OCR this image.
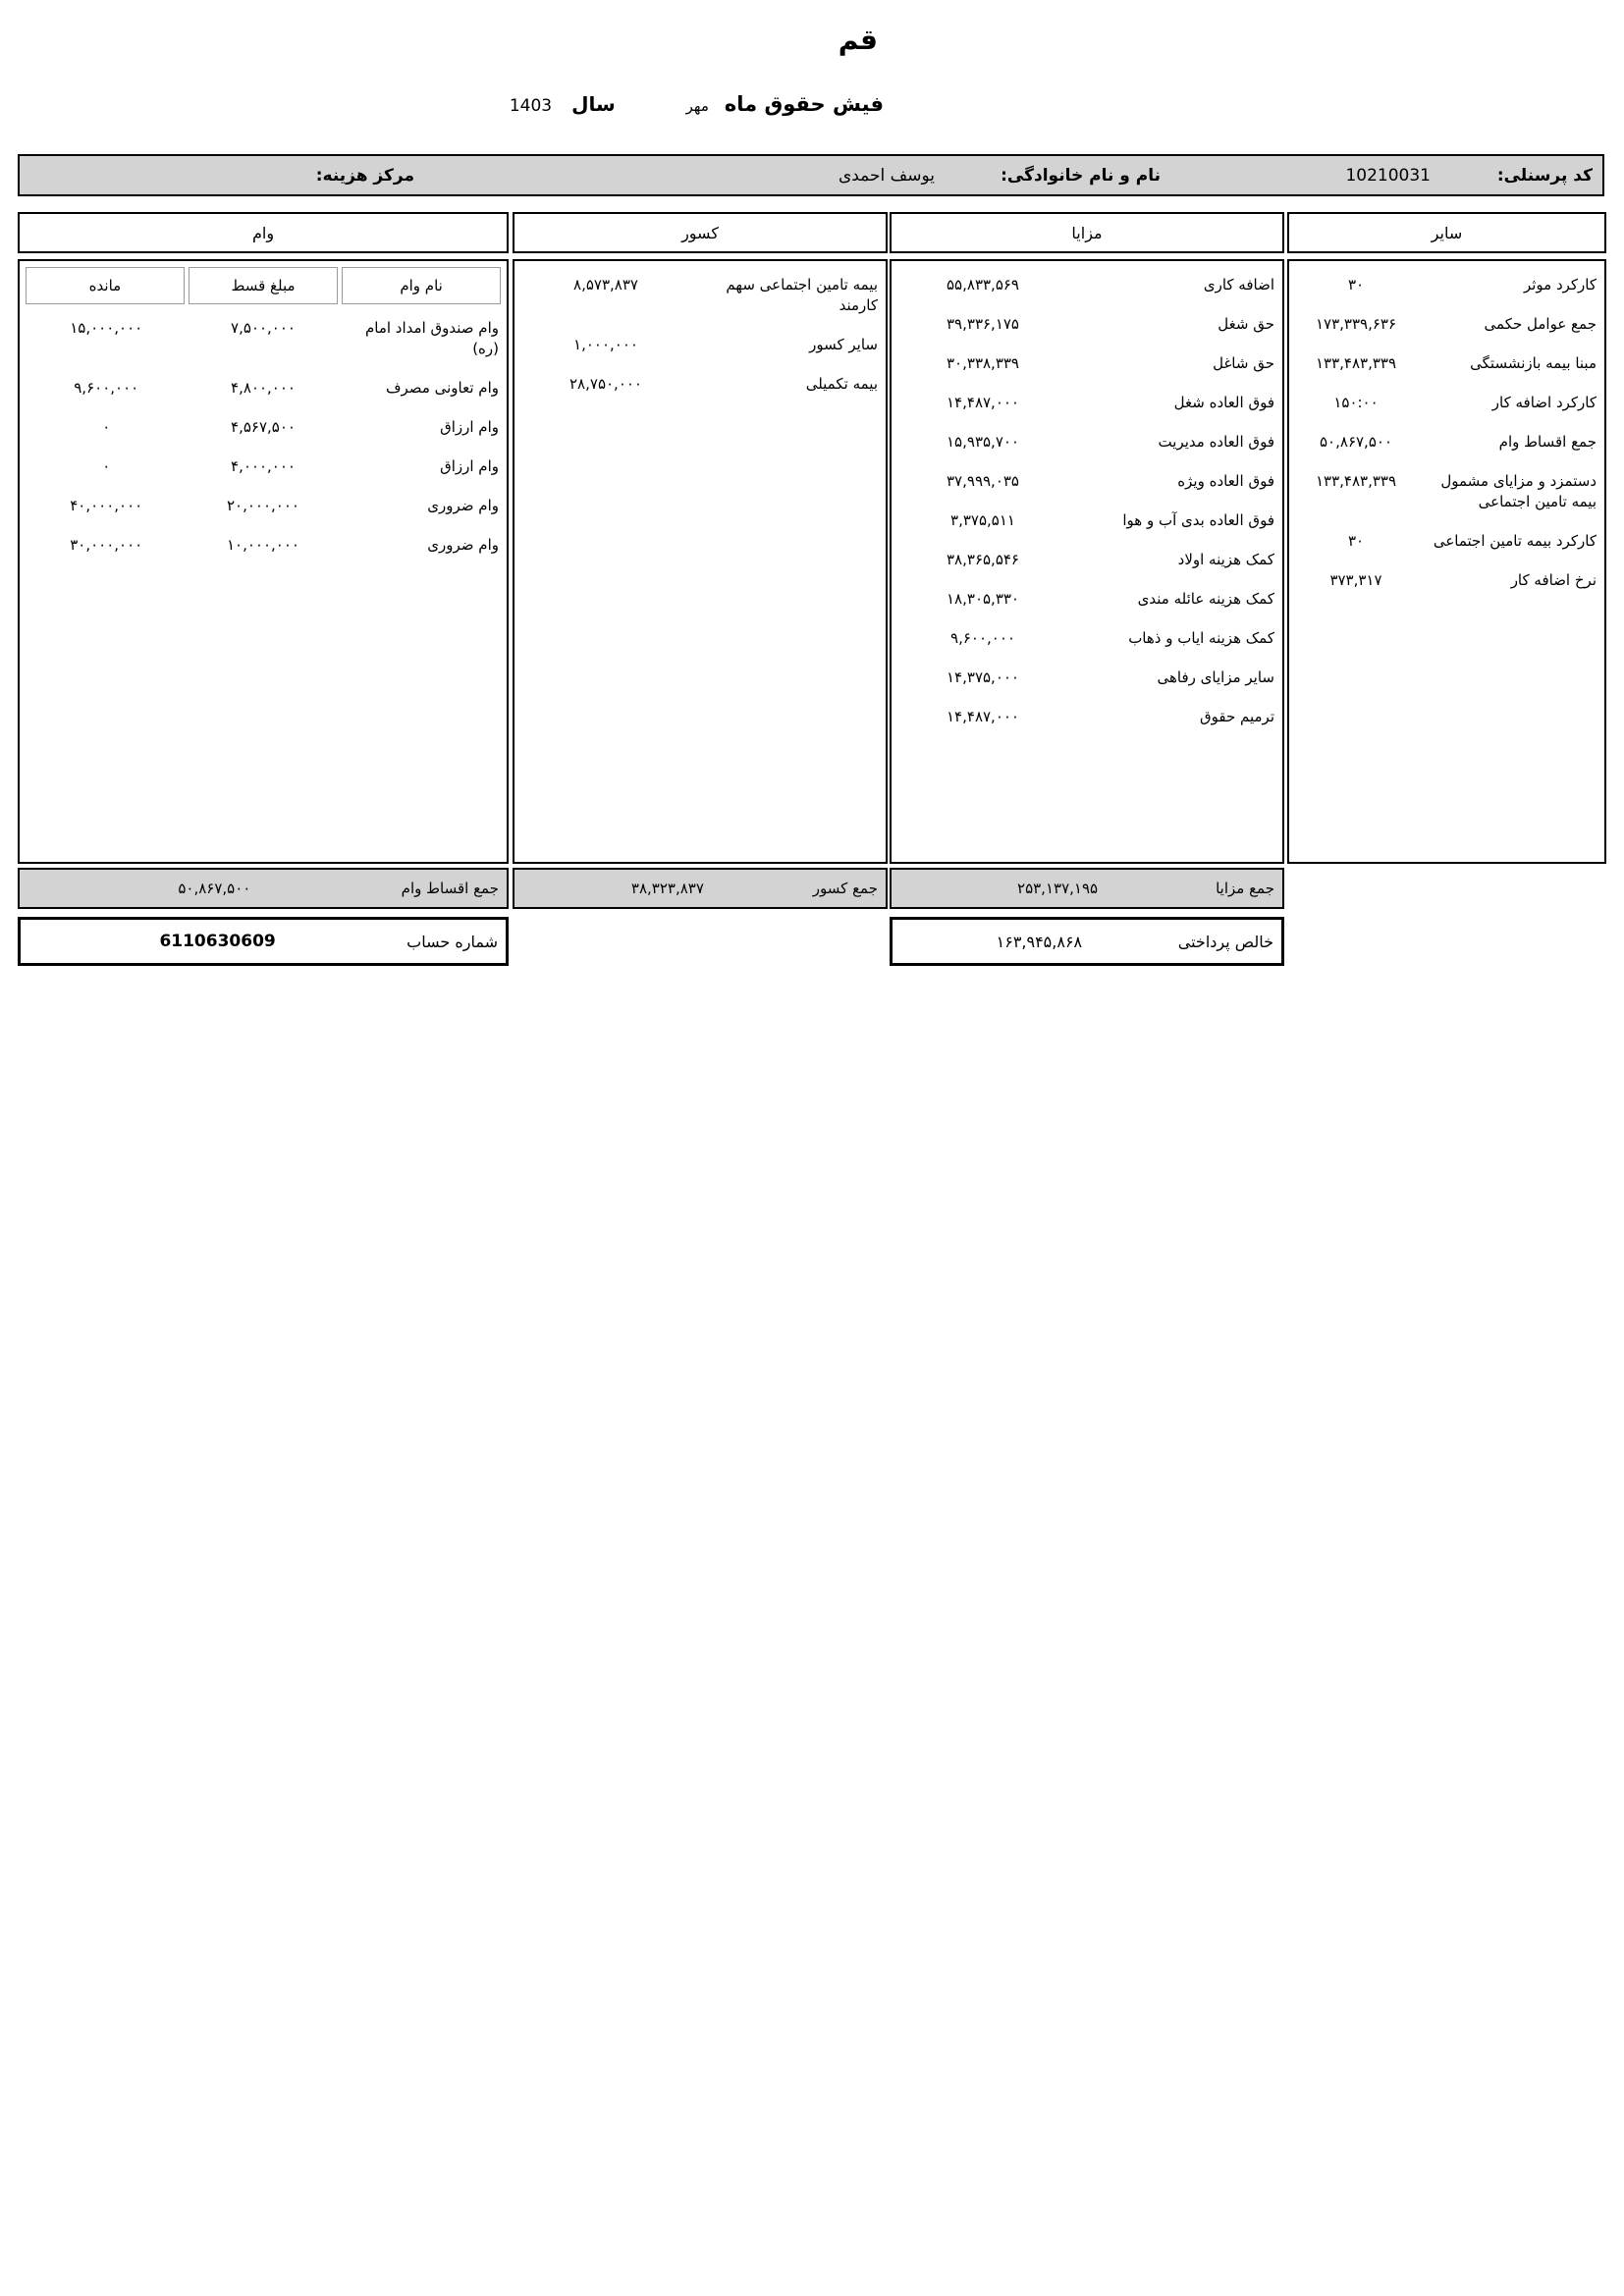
قم
فیش حقوق ماه
مهر
سال
1403
کد پرسنلی:
10210031
نام و نام خانوادگی:
یوسف احمدی
مرکز هزینه:
سایر
مزایا
کسور
وام
کارکرد موثر
۳۰
جمع عوامل حکمی
۱۷۳,۳۳۹,۶۳۶
مبنا بیمه بازنشستگی
۱۳۳,۴۸۳,۳۳۹
کارکرد اضافه کار
۱۵۰:۰۰
جمع اقساط وام
۵۰,۸۶۷,۵۰۰
دستمزد و مزایای مشمول بیمه تامین اجتماعی
۱۳۳,۴۸۳,۳۳۹
کارکرد بیمه تامین اجتماعی
۳۰
نرخ اضافه کار
۳۷۳,۳۱۷
اضافه کاری
۵۵,۸۳۳,۵۶۹
حق شغل
۳۹,۳۳۶,۱۷۵
حق شاغل
۳۰,۳۳۸,۳۳۹
فوق العاده شغل
۱۴,۴۸۷,۰۰۰
فوق العاده مدیریت
۱۵,۹۳۵,۷۰۰
فوق العاده ویژه
۳۷,۹۹۹,۰۳۵
فوق العاده بدی آب و هوا
۳,۳۷۵,۵۱۱
کمک هزینه اولاد
۳۸,۳۶۵,۵۴۶
کمک هزینه عائله مندی
۱۸,۳۰۵,۳۳۰
کمک هزینه ایاب و ذهاب
۹,۶۰۰,۰۰۰
سایر مزایای رفاهی
۱۴,۳۷۵,۰۰۰
ترمیم حقوق
۱۴,۴۸۷,۰۰۰
بیمه تامین اجتماعی سهم کارمند
۸,۵۷۳,۸۳۷
سایر کسور
۱,۰۰۰,۰۰۰
بیمه تکمیلی
۲۸,۷۵۰,۰۰۰
نام وام
مبلغ قسط
مانده
وام صندوق امداد امام (ره)
۷,۵۰۰,۰۰۰
۱۵,۰۰۰,۰۰۰
وام تعاونی مصرف
۴,۸۰۰,۰۰۰
۹,۶۰۰,۰۰۰
وام ارزاق
۴,۵۶۷,۵۰۰
۰
وام ارزاق
۴,۰۰۰,۰۰۰
۰
وام ضروری
۲۰,۰۰۰,۰۰۰
۴۰,۰۰۰,۰۰۰
وام ضروری
۱۰,۰۰۰,۰۰۰
۳۰,۰۰۰,۰۰۰
جمع مزایا
۲۵۳,۱۳۷,۱۹۵
جمع کسور
۳۸,۳۲۳,۸۳۷
جمع اقساط وام
۵۰,۸۶۷,۵۰۰
خالص پرداختی
۱۶۳,۹۴۵,۸۶۸
شماره حساب
6110630609
